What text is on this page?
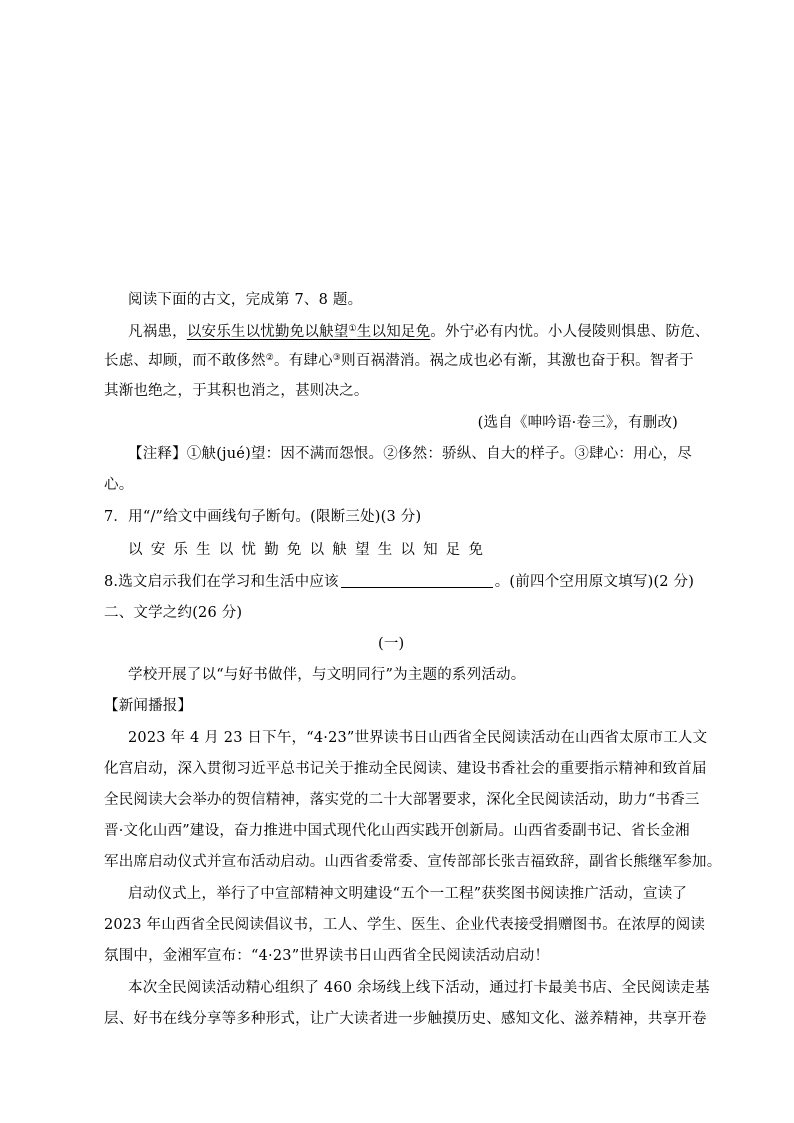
阅读下面的古文，完成第 7、8 题。
凡祸患，以安乐生以忧勤免以觖望①生以知足免。外宁必有内忧。小人侵陵则惧患、防危、
长虑、却顾，而不敢侈然②。有肆心③则百祸潜消。祸之成也必有渐，其激也奋于积。智者于
其渐也绝之，于其积也消之，甚则决之。
(选自《呻吟语·卷三》，有删改)
【注释】①觖(jué)望：因不满而怨恨。②侈然：骄纵、自大的样子。③肆心：用心，尽
心。
7．用“/”给文中画线句子断句。(限断三处)(3 分)
以安乐生以忧勤免以觖望生以知足免
8.选文启示我们在学习和生活中应该	。(前四个空用原文填写)(2 分)
二、文学之约(26 分)
(一)
学校开展了以“与好书做伴，与文明同行”为主题的系列活动。
【新闻播报】
2023 年 4 月 23 日下午，“4·23”世界读书日山西省全民阅读活动在山西省太原市工人文
化宫启动，深入贯彻习近平总书记关于推动全民阅读、建设书香社会的重要指示精神和致首届
全民阅读大会举办的贺信精神，落实党的二十大部署要求，深化全民阅读活动，助力“书香三
晋·文化山西”建设，奋力推进中国式现代化山西实践开创新局。山西省委副书记、省长金湘
军出席启动仪式并宣布活动启动。山西省委常委、宣传部部长张吉福致辞，副省长熊继军参加。
启动仪式上，举行了中宣部精神文明建设“五个一工程”获奖图书阅读推广活动，宣读了
2023 年山西省全民阅读倡议书，工人、学生、医生、企业代表接受捐赠图书。在浓厚的阅读
氛围中，金湘军宣布：“4·23”世界读书日山西省全民阅读活动启动！
本次全民阅读活动精心组织了 460 余场线上线下活动，通过打卡最美书店、全民阅读走基
层、好书在线分享等多种形式，让广大读者进一步触摸历史、感知文化、滋养精神，共享开卷
